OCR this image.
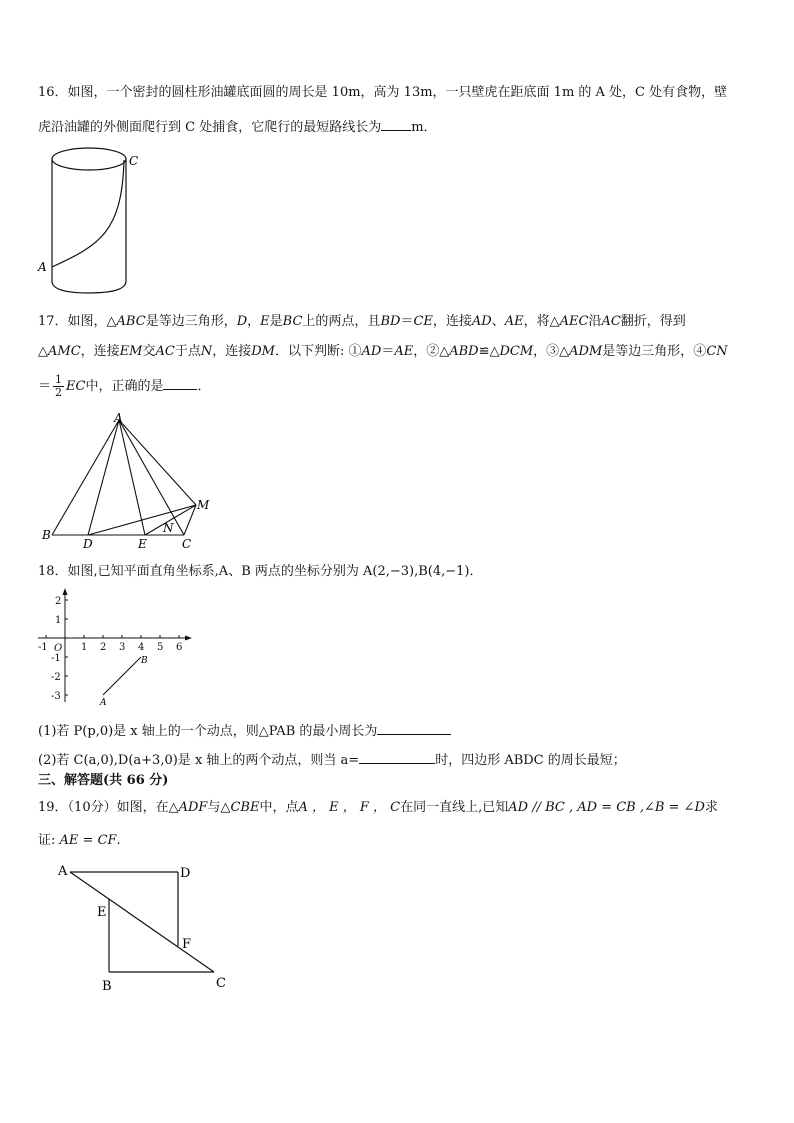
16．如图，一个密封的圆柱形油罐底面圆的周长是 10m，高为 13m，一只壁虎在距底面 1m 的 A 处，C 处有食物，壁
虎沿油罐的外侧面爬行到 C 处捕食，它爬行的最短路线长为 m．
C
A
17．如图，△ABC是等边三角形，D，E是BC上的两点，且BD＝CE，连接AD、AE，将△AEC沿AC翻折，得到
△AMC，连接EM交AC于点N，连接DM．以下判断: ①AD＝AE，②△ABD≌△DCM，③△ADM是等边三角形，④CN
＝ $\frac{1}{2}$ EC中，正确的是	．
A
B
D	E	C
M
N
18．如图,已知平面直角坐标系,A、B 两点的坐标分别为 A(2,−3),B(4,−1)．
-1	1 2 3 4 5 6
2
1
-1
-2
-3
O
B
A
(1)若 P(p,0)是 x 轴上的一个动点，则△PAB 的最小周长为
(2)若 C(a,0),D(a+3,0)是 x 轴上的两个动点，则当 a=	时，四边形 ABDC 的周长最短；
三、解答题(共 66 分)
19．（10分）如图，在△ADF与△CBE中，点A ， E ， F ， C在同一直线上,已知AD // BC , AD = CB ,∠B = ∠D求
证: AE = CF.
A	D
E
F
B	C
